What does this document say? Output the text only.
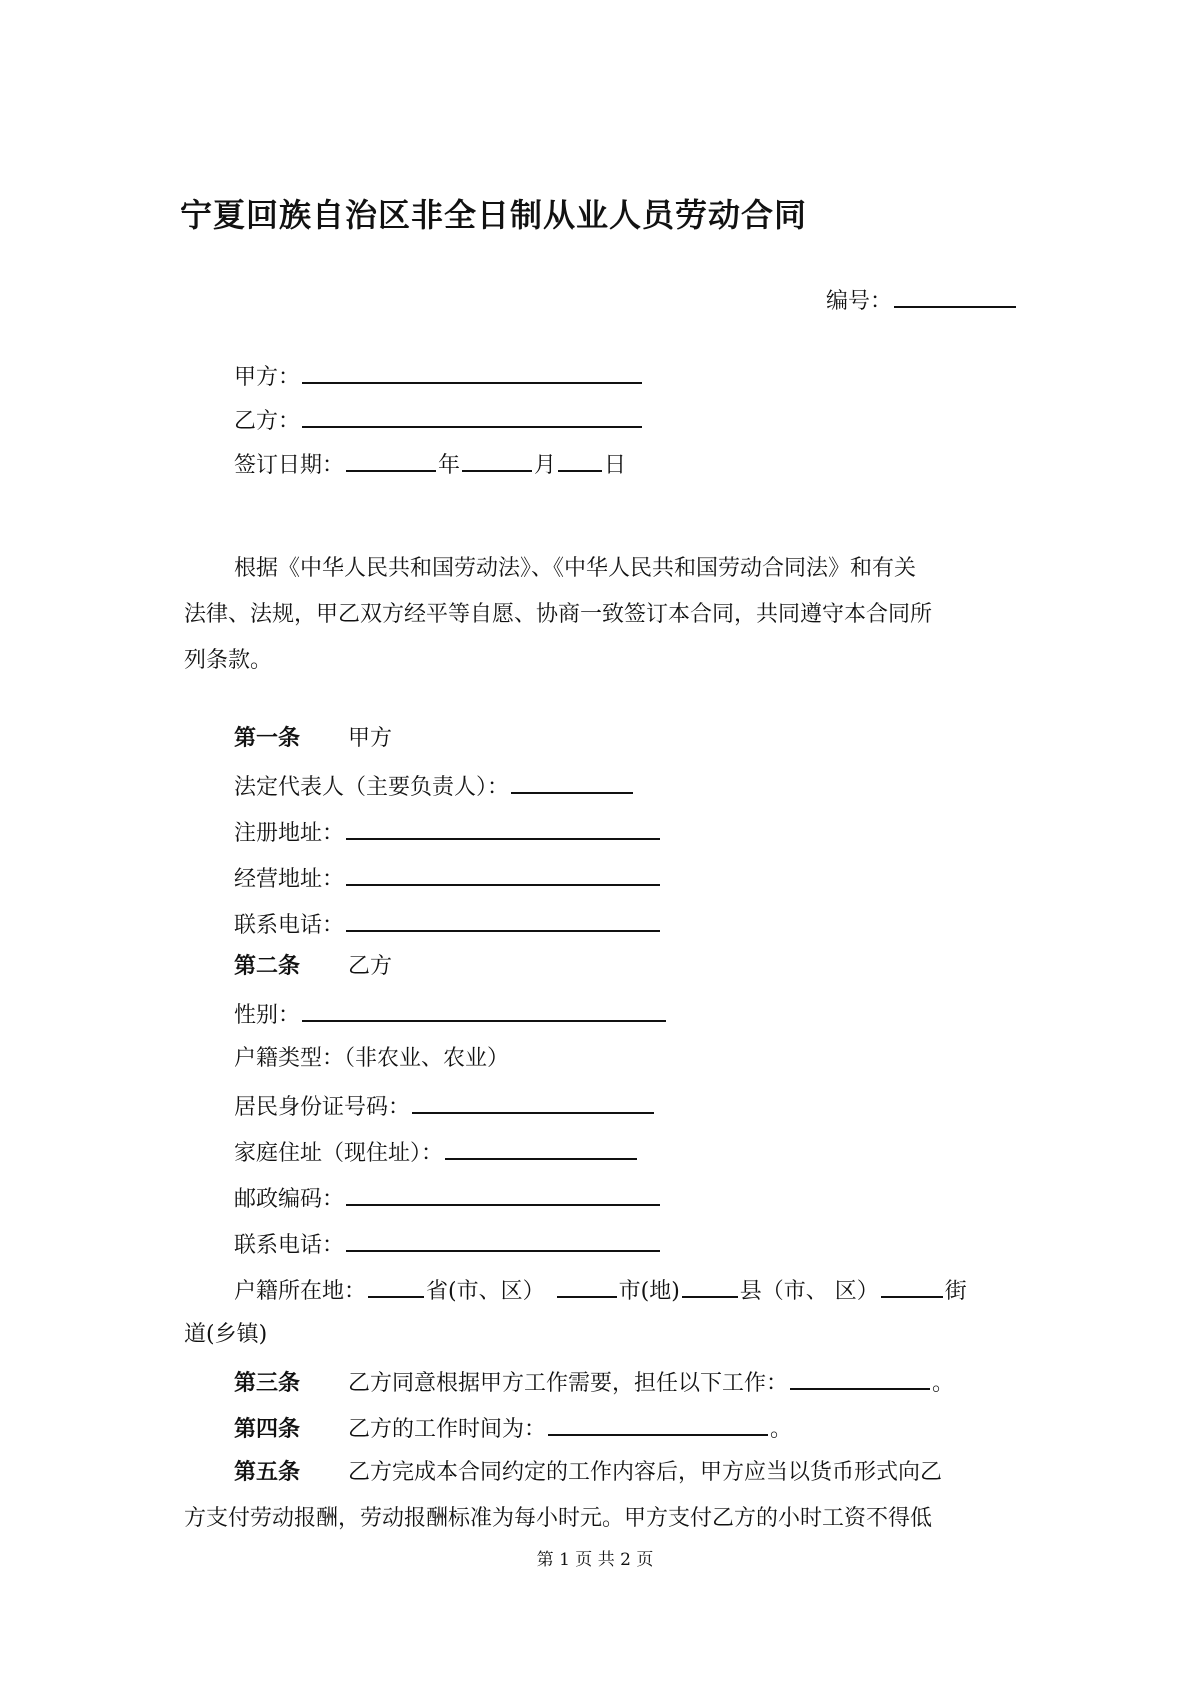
宁夏回族自治区非全日制从业人员劳动合同
编号：
甲方：
乙方：
签订日期：	年	月 日
根据《中华人民共和国劳动法》、《中华人民共和国劳动合同法》和有关
法律、法规，甲乙双方经平等自愿、协商一致签订本合同，共同遵守本合同所
列条款。
第一条 甲方
法定代表人（主要负责人）：
注册地址：
经营地址：
联系电话：
第二条 乙方
性别：
户籍类型：（非农业、农业）
居民身份证号码：
家庭住址（现住址）：
邮政编码：
联系电话：
户籍所在地：	省(市、区）	市(地)	县（市、 区）	街
道(乡镇)
第三条 乙方同意根据甲方工作需要，担任以下工作：	。
第四条 乙方的工作时间为：	。
第五条 乙方完成本合同约定的工作内容后，甲方应当以货币形式向乙
方支付劳动报酬，劳动报酬标准为每小时元。甲方支付乙方的小时工资不得低
第 1 页 共 2 页
